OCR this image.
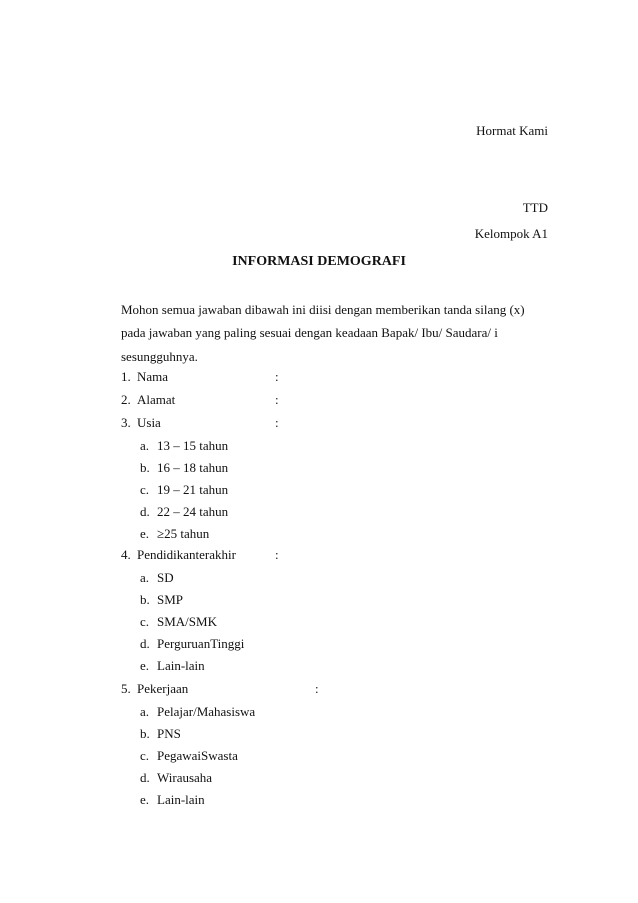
Hormat Kami
TTD
Kelompok A1
INFORMASI DEMOGRAFI
Mohon semua jawaban dibawah ini diisi dengan memberikan tanda silang (x)
pada jawaban yang paling sesuai dengan keadaan Bapak/ Ibu/ Saudara/ i
sesungguhnya.
1. Nama	:
2. Alamat	:
3. Usia	:
a. 13 – 15 tahun
b. 16 – 18 tahun
c. 19 – 21 tahun
d. 22 – 24 tahun
e. ≥25 tahun
4. Pendidikanterakhir	:
a. SD
b. SMP
c. SMA/SMK
d. PerguruanTinggi
e. Lain-lain
5. Pekerjaan	:
a. Pelajar/Mahasiswa
b. PNS
c. PegawaiSwasta
d. Wirausaha
e. Lain-lain
